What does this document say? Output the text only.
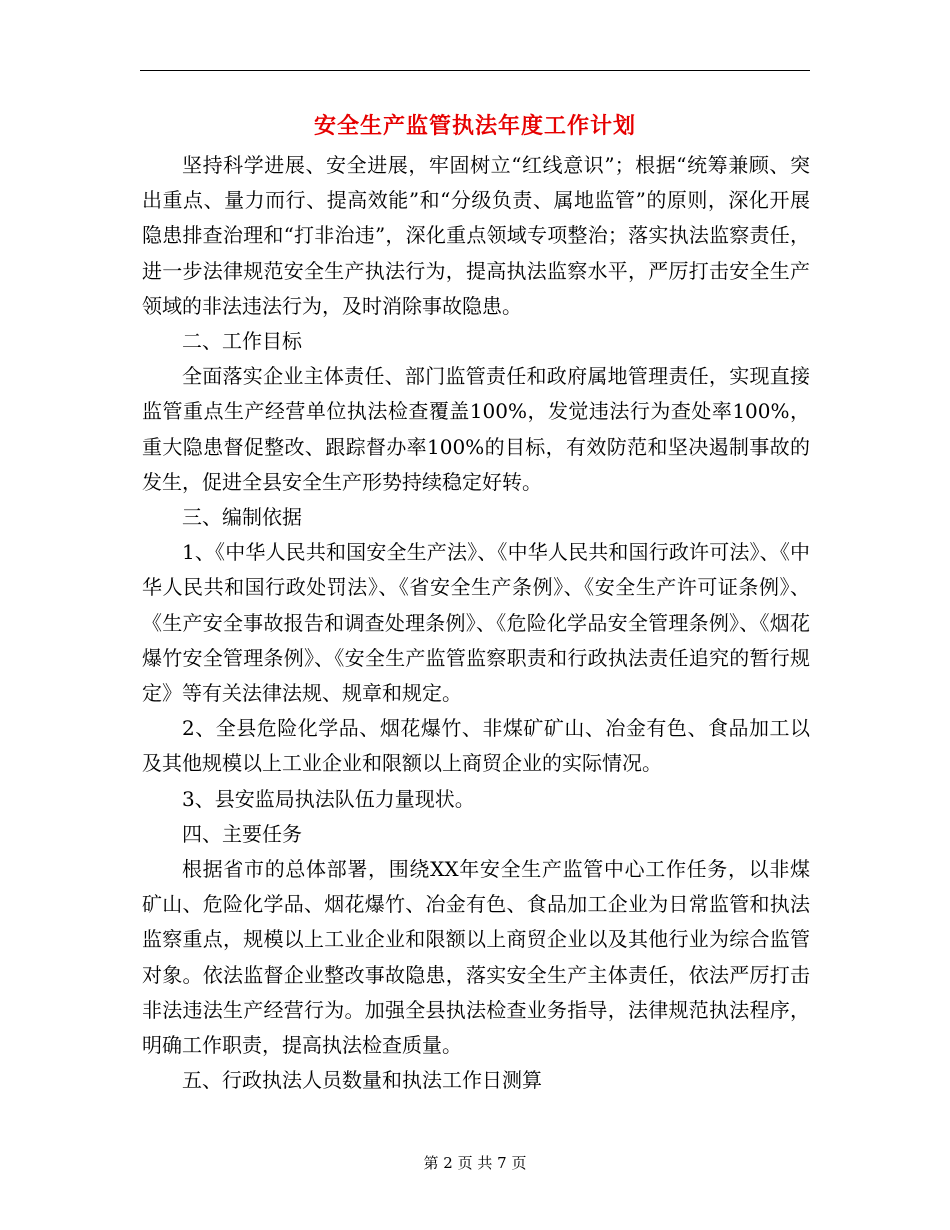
安全生产监管执法年度工作计划

坚持科学进展、安全进展，牢固树立“红线意识”；根据“统筹兼顾、突出重点、量力而行、提高效能”和“分级负责、属地监管”的原则，深化开展隐患排查治理和“打非治违”，深化重点领域专项整治；落实执法监察责任，进一步法律规范安全生产执法行为，提高执法监察水平，严厉打击安全生产领域的非法违法行为，及时消除事故隐患。

二、工作目标

全面落实企业主体责任、部门监管责任和政府属地管理责任，实现直接监管重点生产经营单位执法检查覆盖100%，发觉违法行为查处率100%，重大隐患督促整改、跟踪督办率100%的目标，有效防范和坚决遏制事故的发生，促进全县安全生产形势持续稳定好转。

三、编制依据

1、《中华人民共和国安全生产法》、《中华人民共和国行政许可法》、《中华人民共和国行政处罚法》、《省安全生产条例》、《安全生产许可证条例》、《生产安全事故报告和调查处理条例》、《危险化学品安全管理条例》、《烟花爆竹安全管理条例》、《安全生产监管监察职责和行政执法责任追究的暂行规定》等有关法律法规、规章和规定。

2、全县危险化学品、烟花爆竹、非煤矿矿山、冶金有色、食品加工以及其他规模以上工业企业和限额以上商贸企业的实际情况。

3、县安监局执法队伍力量现状。

四、主要任务

根据省市的总体部署，围绕XX年安全生产监管中心工作任务，以非煤矿山、危险化学品、烟花爆竹、冶金有色、食品加工企业为日常监管和执法监察重点，规模以上工业企业和限额以上商贸企业以及其他行业为综合监管对象。依法监督企业整改事故隐患，落实安全生产主体责任，依法严厉打击非法违法生产经营行为。加强全县执法检查业务指导，法律规范执法程序，明确工作职责，提高执法检查质量。

五、行政执法人员数量和执法工作日测算

第 2 页 共 7 页
